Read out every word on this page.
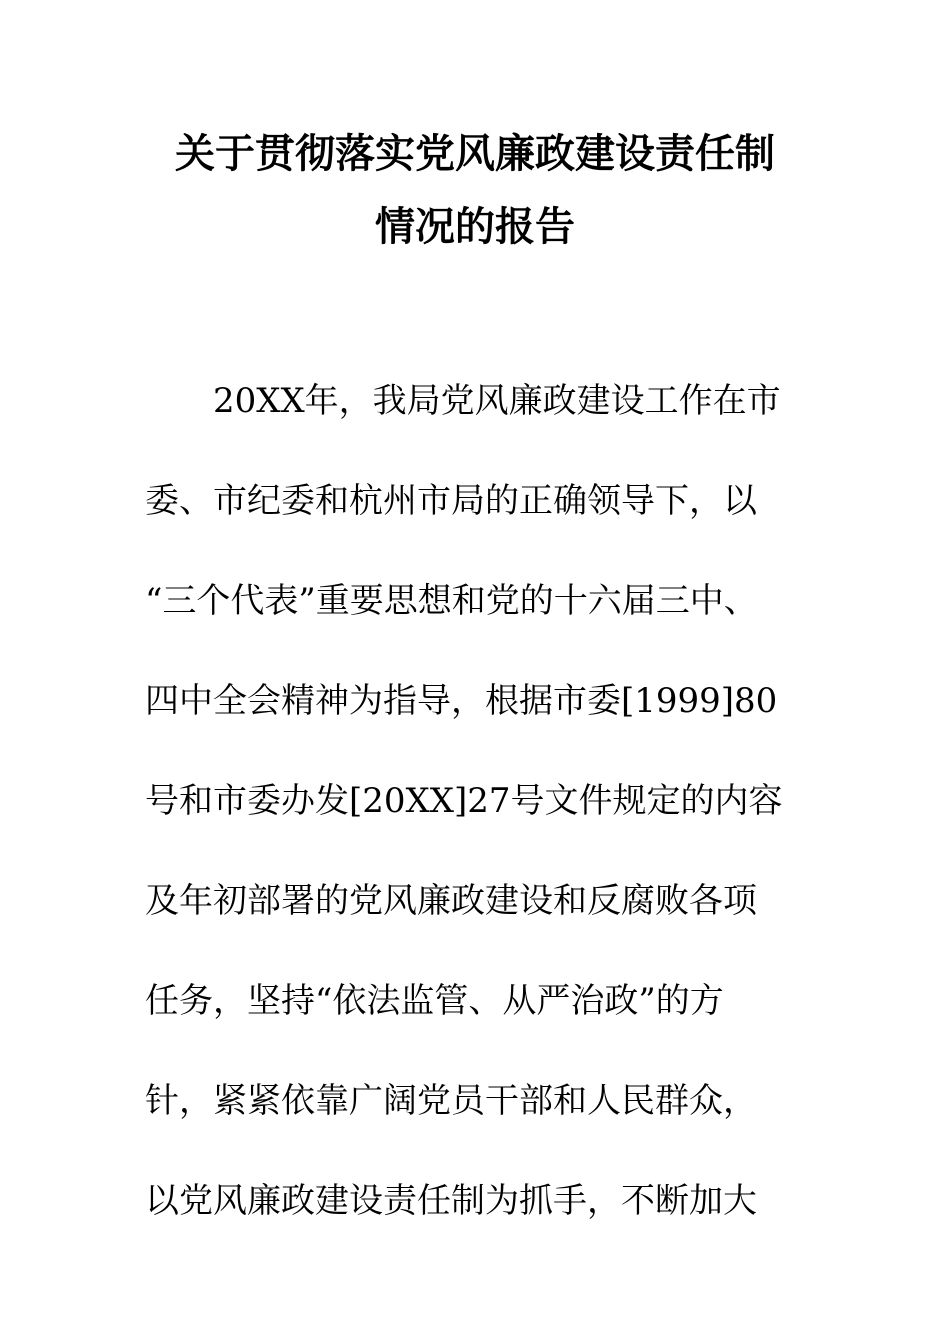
关于贯彻落实党风廉政建设责任制
情况的报告
20XX年，我局党风廉政建设工作在市
委、市纪委和杭州市局的正确领导下，以
“三个代表”重要思想和党的十六届三中、
四中全会精神为指导，根据市委[1999]80
号和市委办发[20XX]27号文件规定的内容
及年初部署的党风廉政建设和反腐败各项
任务，坚持“依法监管、从严治政”的方
针，紧紧依靠广阔党员干部和人民群众，
以党风廉政建设责任制为抓手，不断加大
